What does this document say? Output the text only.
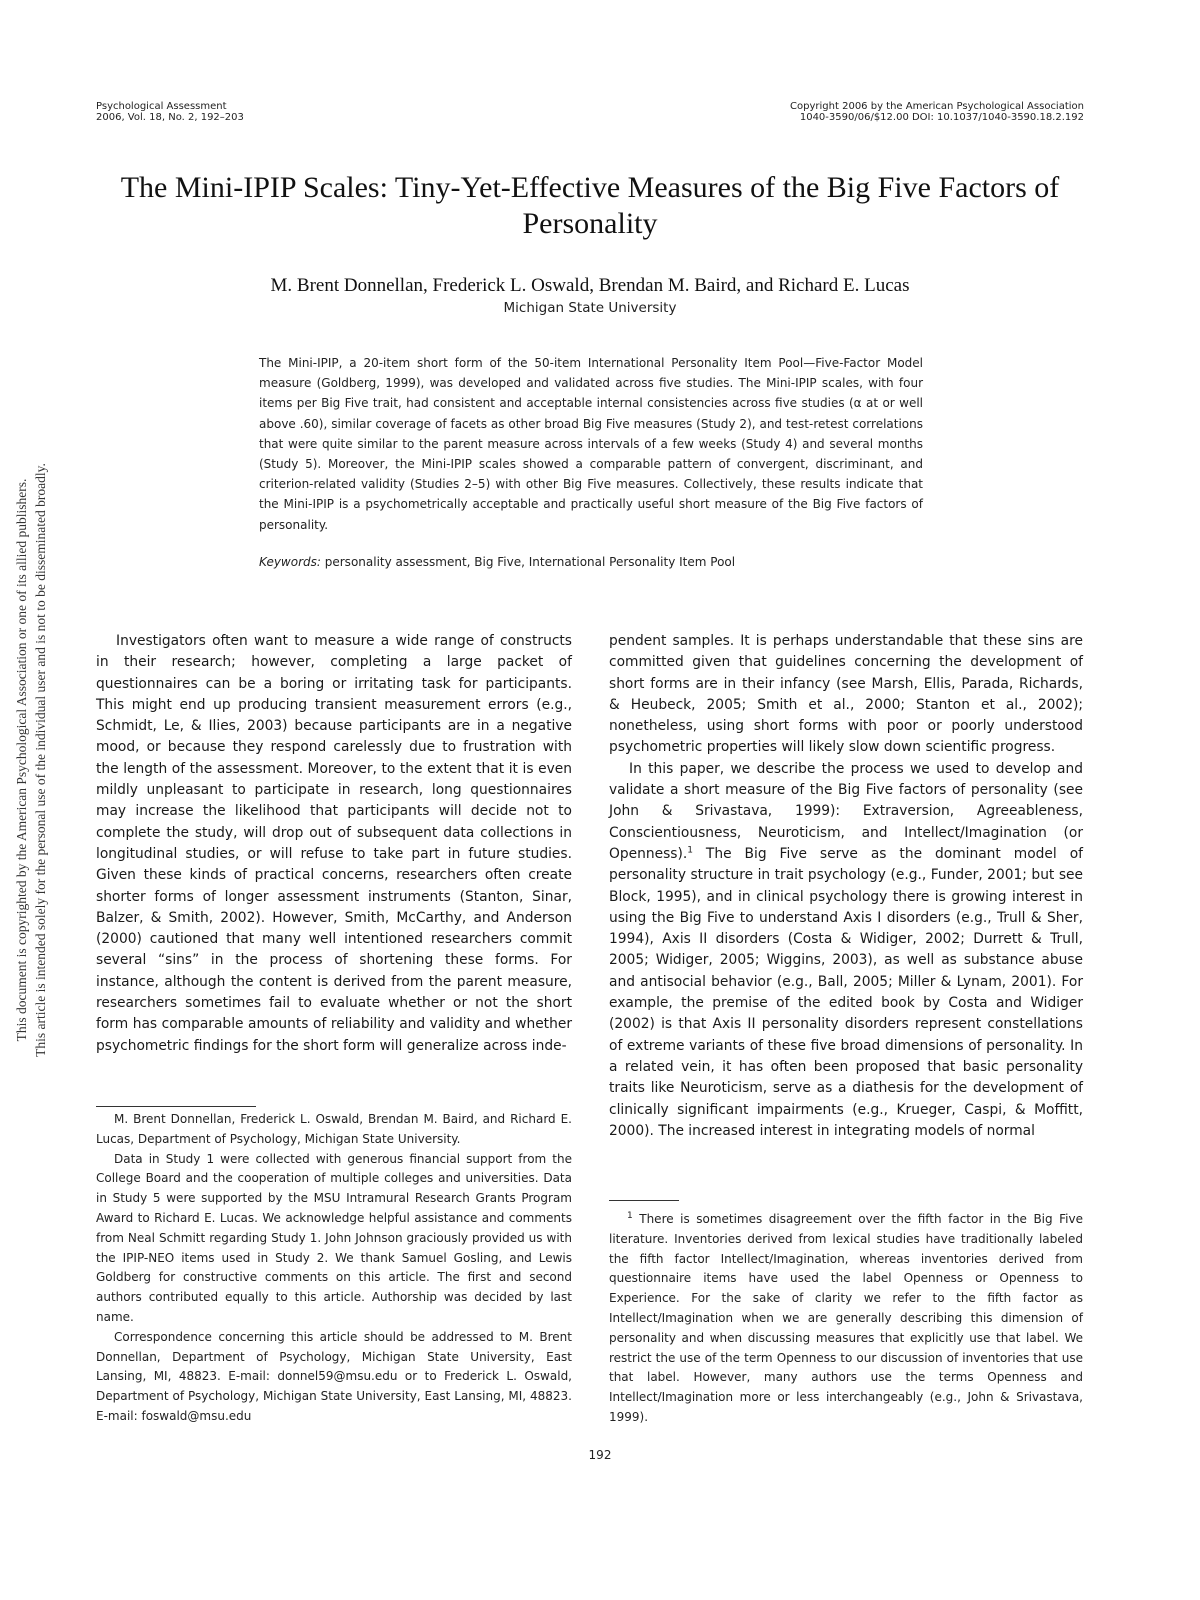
Psychological Assessment
2006, Vol. 18, No. 2, 192–203
Copyright 2006 by the American Psychological Association
1040-3590/06/$12.00 DOI: 10.1037/1040-3590.18.2.192
The Mini-IPIP Scales: Tiny-Yet-Effective Measures of the Big Five Factors of Personality
M. Brent Donnellan, Frederick L. Oswald, Brendan M. Baird, and Richard E. Lucas
Michigan State University
The Mini-IPIP, a 20-item short form of the 50-item International Personality Item Pool—Five-Factor Model measure (Goldberg, 1999), was developed and validated across five studies. The Mini-IPIP scales, with four items per Big Five trait, had consistent and acceptable internal consistencies across five studies (α at or well above .60), similar coverage of facets as other broad Big Five measures (Study 2), and test-retest correlations that were quite similar to the parent measure across intervals of a few weeks (Study 4) and several months (Study 5). Moreover, the Mini-IPIP scales showed a comparable pattern of convergent, discriminant, and criterion-related validity (Studies 2–5) with other Big Five measures. Collectively, these results indicate that the Mini-IPIP is a psychometrically acceptable and practically useful short measure of the Big Five factors of personality.
Keywords: personality assessment, Big Five, International Personality Item Pool
This document is copyrighted by the American Psychological Association or one of its allied publishers. This article is intended solely for the personal use of the individual user and is not to be disseminated broadly.	Investigators often want to measure a wide range of constructs in their research; however, completing a large packet of questionnaires can be a boring or irritating task for participants. This might end up producing transient measurement errors (e.g., Schmidt, Le, & Ilies, 2003) because participants are in a negative mood, or because they respond carelessly due to frustration with the length of the assessment. Moreover, to the extent that it is even mildly unpleasant to participate in research, long questionnaires may increase the likelihood that participants will decide not to complete the study, will drop out of subsequent data collections in longitudinal studies, or will refuse to take part in future studies. Given these kinds of practical concerns, researchers often create shorter forms of longer assessment instruments (Stanton, Sinar, Balzer, & Smith, 2002). However, Smith, McCarthy, and Anderson (2000) cautioned that many well intentioned researchers commit several “sins” in the process of shortening these forms. For instance, although the content is derived from the parent measure, researchers sometimes fail to evaluate whether or not the short form has comparable amounts of reliability and validity and whether psychometric findings for the short form will generalize across inde-

pendent samples. It is perhaps understandable that these sins are committed given that guidelines concerning the development of short forms are in their infancy (see Marsh, Ellis, Parada, Richards, & Heubeck, 2005; Smith et al., 2000; Stanton et al., 2002); nonetheless, using short forms with poor or poorly understood psychometric properties will likely slow down scientific progress.

In this paper, we describe the process we used to develop and validate a short measure of the Big Five factors of personality (see John & Srivastava, 1999): Extraversion, Agreeableness, Conscientiousness, Neuroticism, and Intellect/Imagination (or Openness).$^1$ The Big Five serve as the dominant model of personality structure in trait psychology (e.g., Funder, 2001; but see Block, 1995), and in clinical psychology there is growing interest in using the Big Five to understand Axis I disorders (e.g., Trull & Sher, 1994), Axis II disorders (Costa & Widiger, 2002; Durrett & Trull, 2005; Widiger, 2005; Wiggins, 2003), as well as substance abuse and antisocial behavior (e.g., Ball, 2005; Miller & Lynam, 2001). For example, the premise of the edited book by Costa and Widiger (2002) is that Axis II personality disorders represent constellations of extreme variants of these five broad dimensions of personality. In a related vein, it has often been proposed that basic personality traits like Neuroticism, serve as a diathesis for the development of clinically significant impairments (e.g., Krueger, Caspi, & Moffitt, 2000). The increased interest in integrating models of normal

M. Brent Donnellan, Frederick L. Oswald, Brendan M. Baird, and Richard E. Lucas, Department of Psychology, Michigan State University.

Data in Study 1 were collected with generous financial support from the College Board and the cooperation of multiple colleges and universities. Data in Study 5 were supported by the MSU Intramural Research Grants Program Award to Richard E. Lucas. We acknowledge helpful assistance and comments from Neal Schmitt regarding Study 1. John Johnson graciously provided us with the IPIP-NEO items used in Study 2. We thank Samuel Gosling, and Lewis Goldberg for constructive comments on this article. The first and second authors contributed equally to this article. Authorship was decided by last name.

Correspondence concerning this article should be addressed to M. Brent Donnellan, Department of Psychology, Michigan State University, East Lansing, MI, 48823. E-mail: donnel59@msu.edu or to Frederick L. Oswald, Department of Psychology, Michigan State University, East Lansing, MI, 48823. E-mail: foswald@msu.edu

$^1$ There is sometimes disagreement over the fifth factor in the Big Five literature. Inventories derived from lexical studies have traditionally labeled the fifth factor Intellect/Imagination, whereas inventories derived from questionnaire items have used the label Openness or Openness to Experience. For the sake of clarity we refer to the fifth factor as Intellect/Imagination when we are generally describing this dimension of personality and when discussing measures that explicitly use that label. We restrict the use of the term Openness to our discussion of inventories that use that label. However, many authors use the terms Openness and Intellect/Imagination more or less interchangeably (e.g., John & Srivastava, 1999).

192
